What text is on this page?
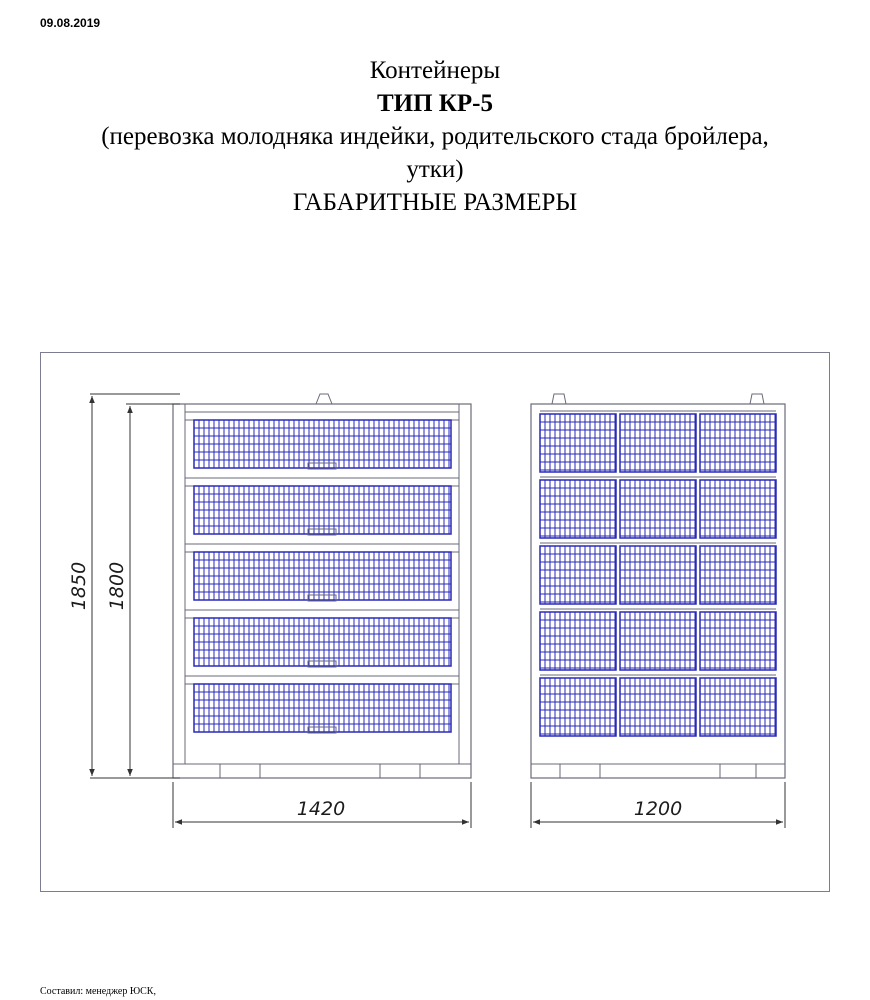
09.08.2019
Контейнеры
ТИП КР-5
(перевозка молодняка индейки, родительского стада бройлера,
утки)
ГАБАРИТНЫЕ РАЗМЕРЫ
1850 1800
1420	1200
Составил: менеджер ЮСК,
